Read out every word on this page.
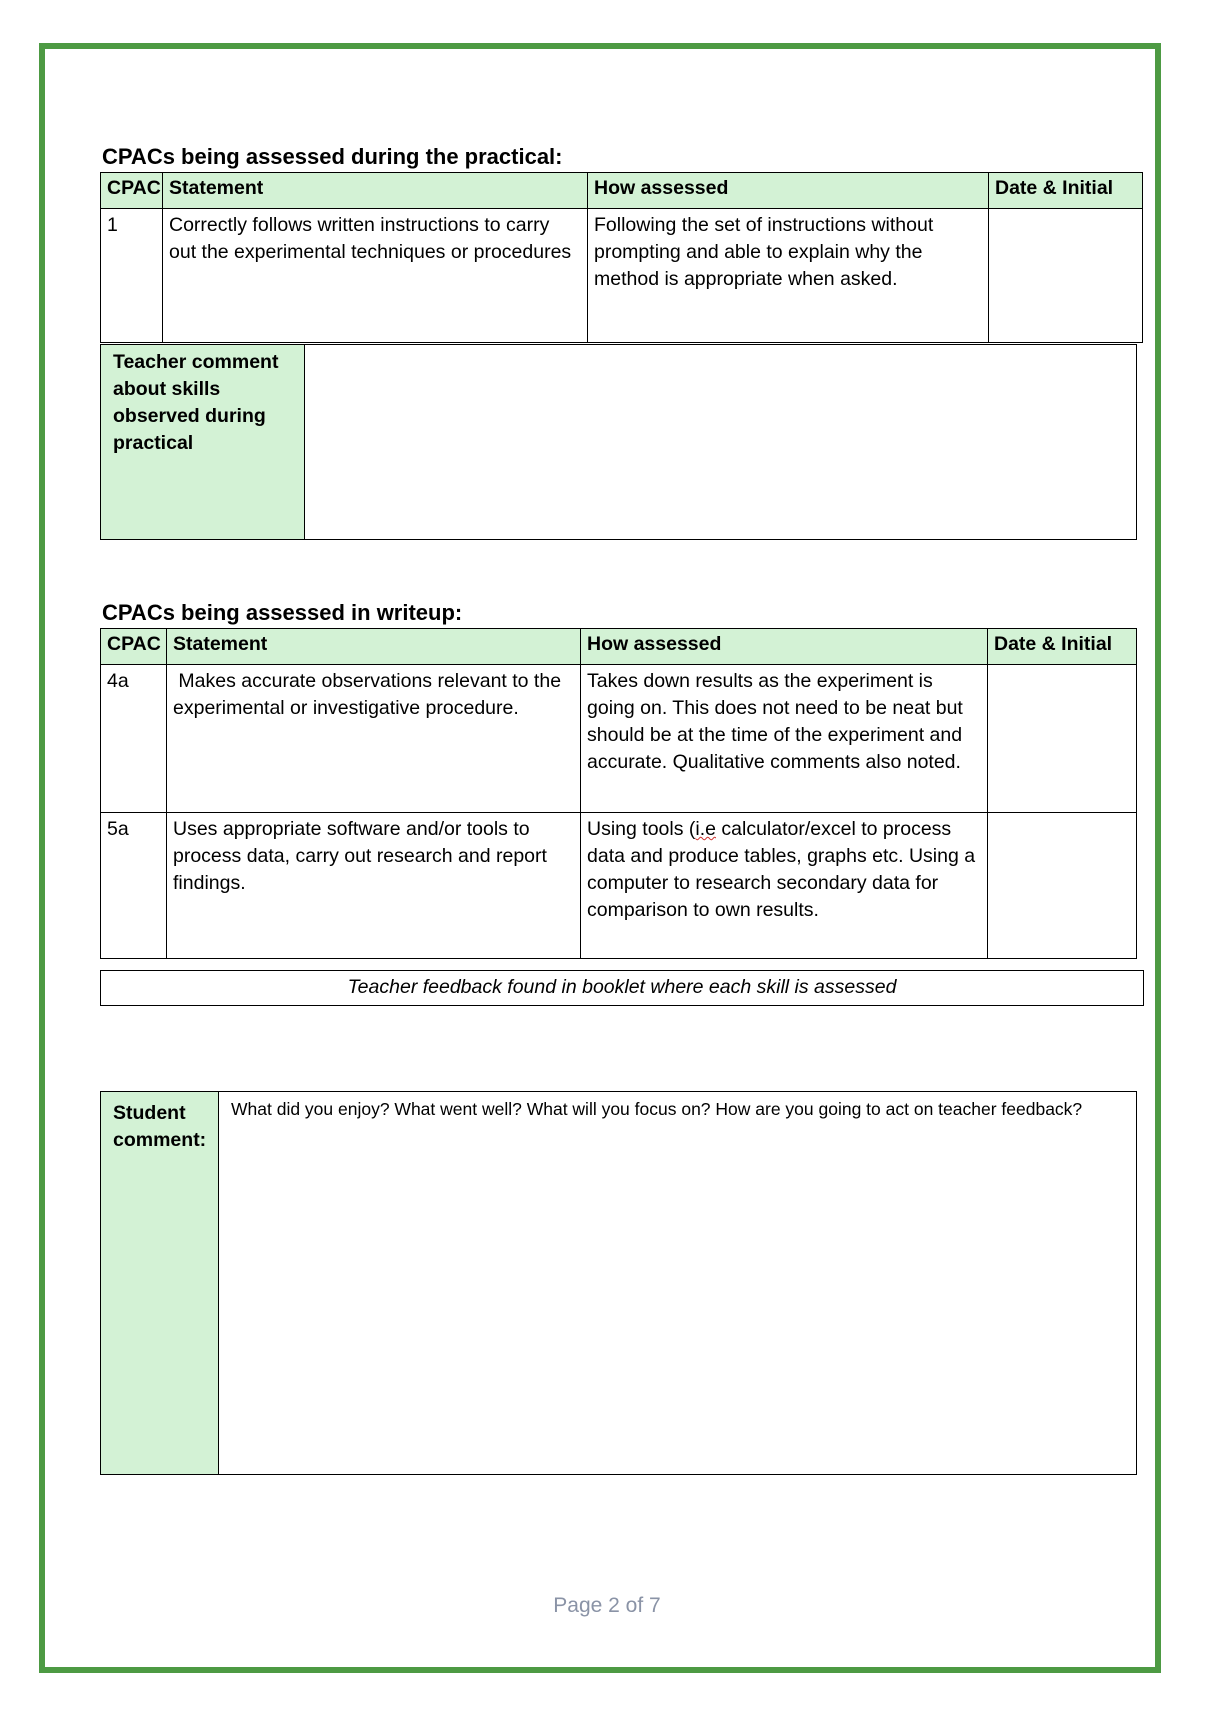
CPACs being assessed during the practical:
CPAC	Statement	How assessed	Date & Initial
1	Correctly follows written instructions to carry out the experimental techniques or procedures	Following the set of instructions without prompting and able to explain why the method is appropriate when asked.	
Teacher comment about skills observed during practical	
CPACs being assessed in writeup:
CPAC	Statement	How assessed	Date & Initial
4a	Makes accurate observations relevant to the experimental or investigative procedure.	Takes down results as the experiment is going on. This does not need to be neat but should be at the time of the experiment and accurate. Qualitative comments also noted.	
5a	Uses appropriate software and/or tools to process data, carry out research and report findings.	Using tools (i.e calculator/excel to process data and produce tables, graphs etc. Using a computer to research secondary data for comparison to own results.	
Teacher feedback found in booklet where each skill is assessed
Student comment:	What did you enjoy? What went well? What will you focus on? How are you going to act on teacher feedback?
Page 2 of 7
